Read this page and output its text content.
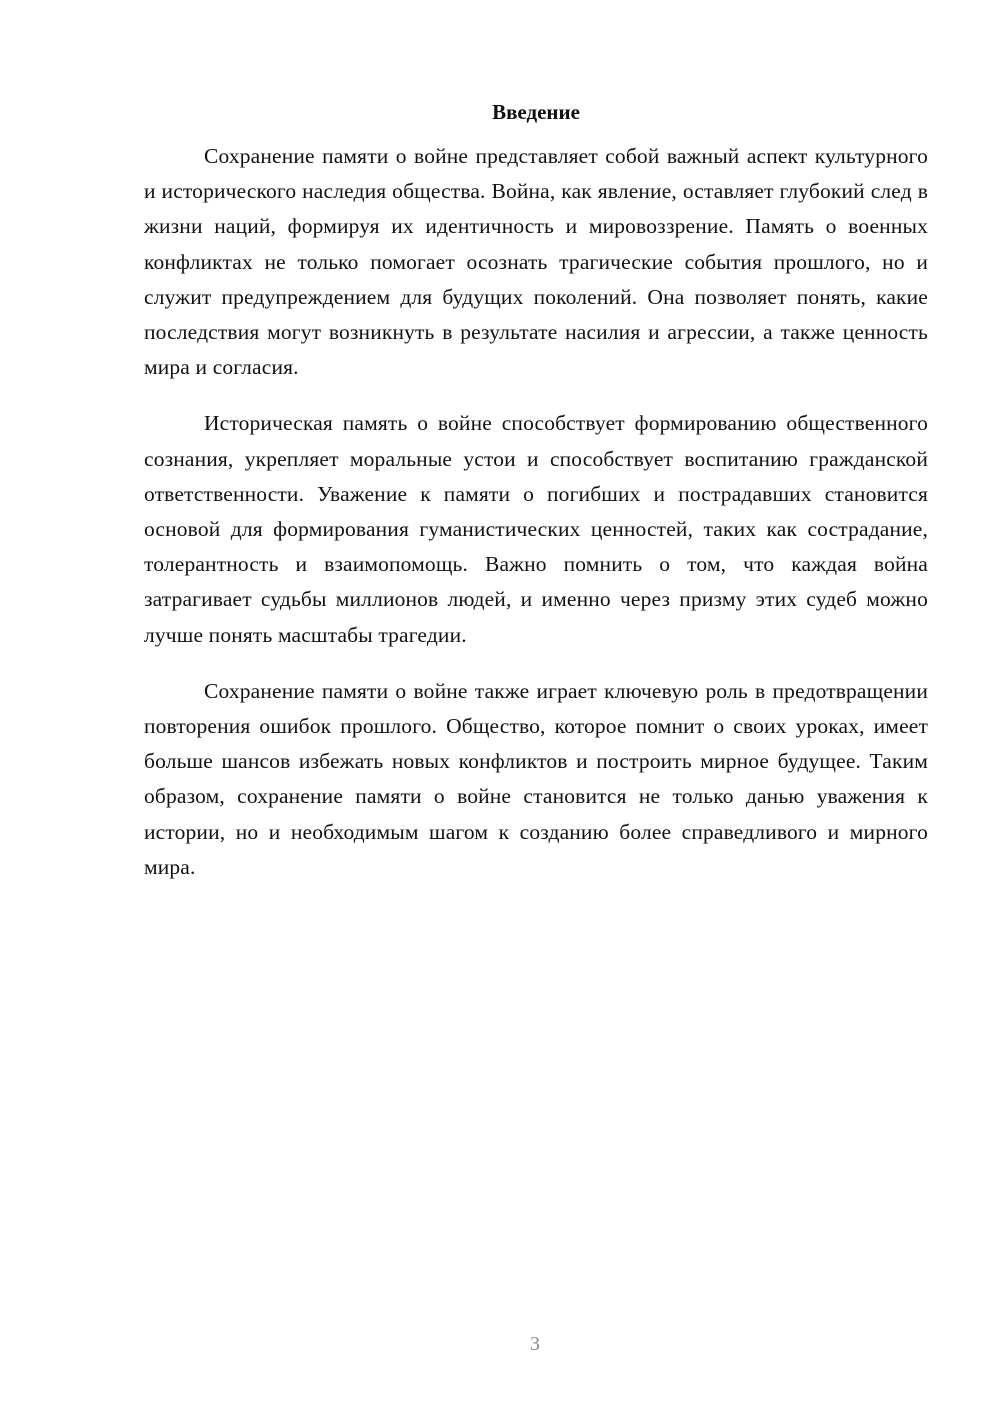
Введение

Сохранение памяти о войне представляет собой важный аспект культурного и исторического наследия общества. Война, как явление, оставляет глубокий след в жизни наций, формируя их идентичность и мировоззрение. Память о военных конфликтах не только помогает осознать трагические события прошлого, но и служит предупреждением для будущих поколений. Она позволяет понять, какие последствия могут возникнуть в результате насилия и агрессии, а также ценность мира и согласия.

Историческая память о войне способствует формированию общественного сознания, укрепляет моральные устои и способствует воспитанию гражданской ответственности. Уважение к памяти о погибших и пострадавших становится основой для формирования гуманистических ценностей, таких как сострадание, толерантность и взаимопомощь. Важно помнить о том, что каждая война затрагивает судьбы миллионов людей, и именно через призму этих судеб можно лучше понять масштабы трагедии.

Сохранение памяти о войне также играет ключевую роль в предотвращении повторения ошибок прошлого. Общество, которое помнит о своих уроках, имеет больше шансов избежать новых конфликтов и построить мирное будущее. Таким образом, сохранение памяти о войне становится не только данью уважения к истории, но и необходимым шагом к созданию более справедливого и мирного мира.

3
